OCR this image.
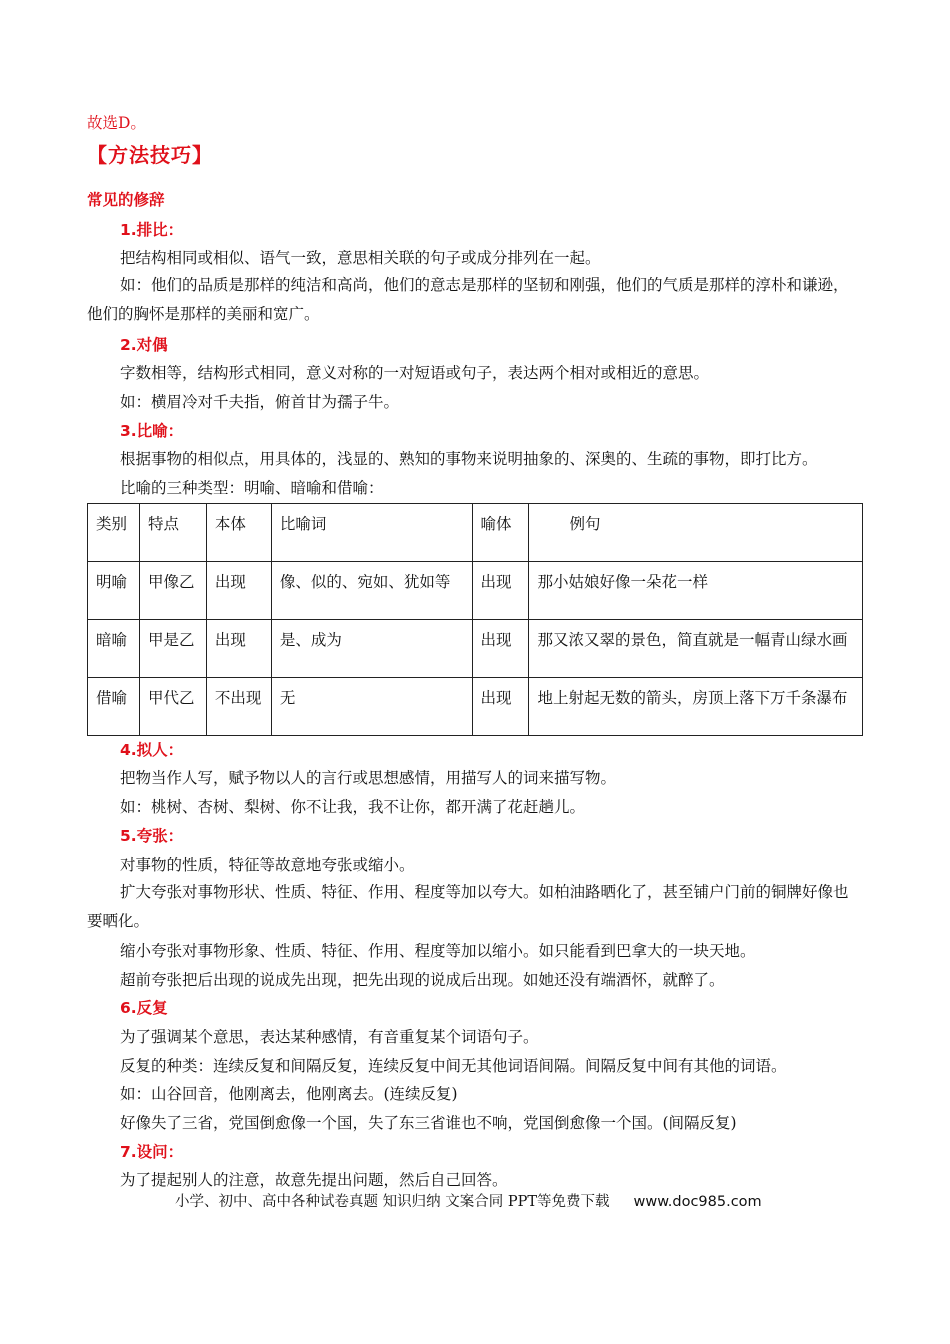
故选D。
【方法技巧】
常见的修辞
1.排比：
把结构相同或相似、语气一致，意思相关联的句子或成分排列在一起。
如：他们的品质是那样的纯洁和高尚，他们的意志是那样的坚韧和刚强，他们的气质是那样的淳朴和谦逊，他们的胸怀是那样的美丽和宽广。
2.对偶
字数相等，结构形式相同，意义对称的一对短语或句子，表达两个相对或相近的意思。
如：横眉冷对千夫指，俯首甘为孺子牛。
3.比喻：
根据事物的相似点，用具体的，浅显的、熟知的事物来说明抽象的、深奥的、生疏的事物，即打比方。
比喻的三种类型：明喻、暗喻和借喻：
类别	特点	本体	比喻词	喻体	例句
明喻	甲像乙	出现	像、似的、宛如、犹如等	出现	那小姑娘好像一朵花一样
暗喻	甲是乙	出现	是、成为	出现	那又浓又翠的景色，简直就是一幅青山绿水画
借喻	甲代乙	不出现	无	出现	地上射起无数的箭头，房顶上落下万千条瀑布
4.拟人：
把物当作人写，赋予物以人的言行或思想感情，用描写人的词来描写物。
如：桃树、杏树、梨树、你不让我，我不让你，都开满了花赶趟儿。
5.夸张：
对事物的性质，特征等故意地夸张或缩小。
扩大夸张对事物形状、性质、特征、作用、程度等加以夸大。如柏油路晒化了，甚至铺户门前的铜牌好像也要晒化。
缩小夸张对事物形象、性质、特征、作用、程度等加以缩小。如只能看到巴拿大的一块天地。
超前夸张把后出现的说成先出现，把先出现的说成后出现。如她还没有端酒怀，就醉了。
6.反复
为了强调某个意思，表达某种感情，有音重复某个词语句子。
反复的种类：连续反复和间隔反复，连续反复中间无其他词语间隔。间隔反复中间有其他的词语。
如：山谷回音，他刚离去，他刚离去。(连续反复)
好像失了三省，党国倒愈像一个国，失了东三省谁也不响，党国倒愈像一个国。(间隔反复)
7.设问：
为了提起别人的注意，故意先提出问题，然后自己回答。
小学、初中、高中各种试卷真题 知识归纳 文案合同 PPT等免费下载 www.doc985.com
